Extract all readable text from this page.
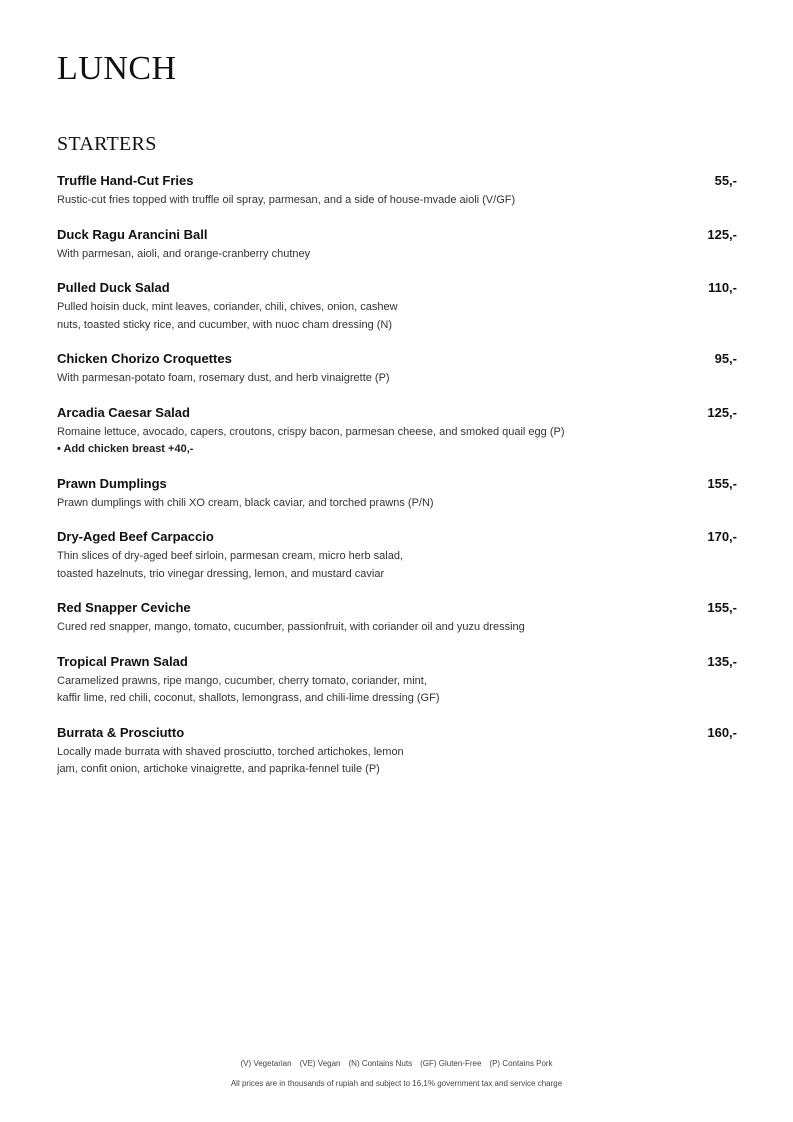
LUNCH
STARTERS
Truffle Hand-Cut Fries	55,-
Rustic-cut fries topped with truffle oil spray, parmesan, and a side of house-mvade aioli (V/GF)
Duck Ragu Arancini Ball	125,-
With parmesan, aioli, and orange-cranberry chutney
Pulled Duck Salad	110,-
Pulled hoisin duck, mint leaves, coriander, chili, chives, onion, cashew
nuts, toasted sticky rice, and cucumber, with nuoc cham dressing (N)
Chicken Chorizo Croquettes	95,-
With parmesan-potato foam, rosemary dust, and herb vinaigrette (P)
Arcadia Caesar Salad	125,-
Romaine lettuce, avocado, capers, croutons, crispy bacon, parmesan cheese, and smoked quail egg (P)
• Add chicken breast +40,-
Prawn Dumplings	155,-
Prawn dumplings with chili XO cream, black caviar, and torched prawns (P/N)
Dry-Aged Beef Carpaccio	170,-
Thin slices of dry-aged beef sirloin, parmesan cream, micro herb salad,
toasted hazelnuts, trio vinegar dressing, lemon, and mustard caviar
Red Snapper Ceviche	155,-
Cured red snapper, mango, tomato, cucumber, passionfruit, with coriander oil and yuzu dressing
Tropical Prawn Salad	135,-
Caramelized prawns, ripe mango, cucumber, cherry tomato, coriander, mint,
kaffir lime, red chili, coconut, shallots, lemongrass, and chili-lime dressing (GF)
Burrata & Prosciutto	160,-
Locally made burrata with shaved prosciutto, torched artichokes, lemon
jam, confit onion, artichoke vinaigrette, and paprika-fennel tuile (P)
(V) Vegetarian (VE) Vegan (N) Contains Nuts (GF) Gluten-Free (P) Contains Pork
All prices are in thousands of rupiah and subject to 16,1% government tax and service charge
